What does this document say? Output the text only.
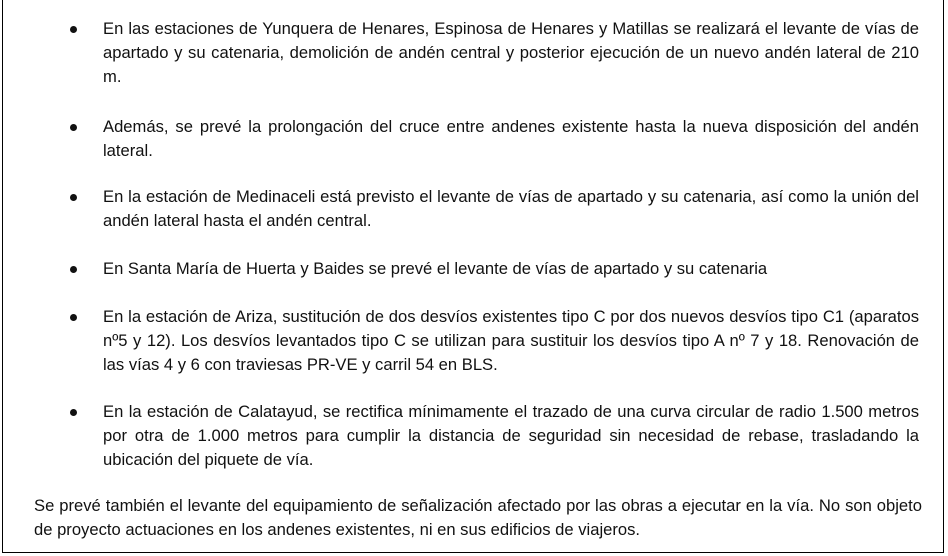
En las estaciones de Yunquera de Henares, Espinosa de Henares y Matillas se realizará el levante de vías de apartado y su catenaria, demolición de andén central y posterior ejecución de un nuevo andén lateral de 210 m.
Además, se prevé la prolongación del cruce entre andenes existente hasta la nueva disposición del andén lateral.
En la estación de Medinaceli está previsto el levante de vías de apartado y su catenaria, así como la unión del andén lateral hasta el andén central.
En Santa María de Huerta y Baides se prevé el levante de vías de apartado y su catenaria
En la estación de Ariza, sustitución de dos desvíos existentes tipo C por dos nuevos desvíos tipo C1 (aparatos nº5 y 12). Los desvíos levantados tipo C se utilizan para sustituir los desvíos tipo A nº 7 y 18. Renovación de las vías 4 y 6 con traviesas PR-VE y carril 54 en BLS.
En la estación de Calatayud, se rectifica mínimamente el trazado de una curva circular de radio 1.500 metros por otra de 1.000 metros para cumplir la distancia de seguridad sin necesidad de rebase, trasladando la ubicación del piquete de vía.

Se prevé también el levante del equipamiento de señalización afectado por las obras a ejecutar en la vía. No son objeto de proyecto actuaciones en los andenes existentes, ni en sus edificios de viajeros.
